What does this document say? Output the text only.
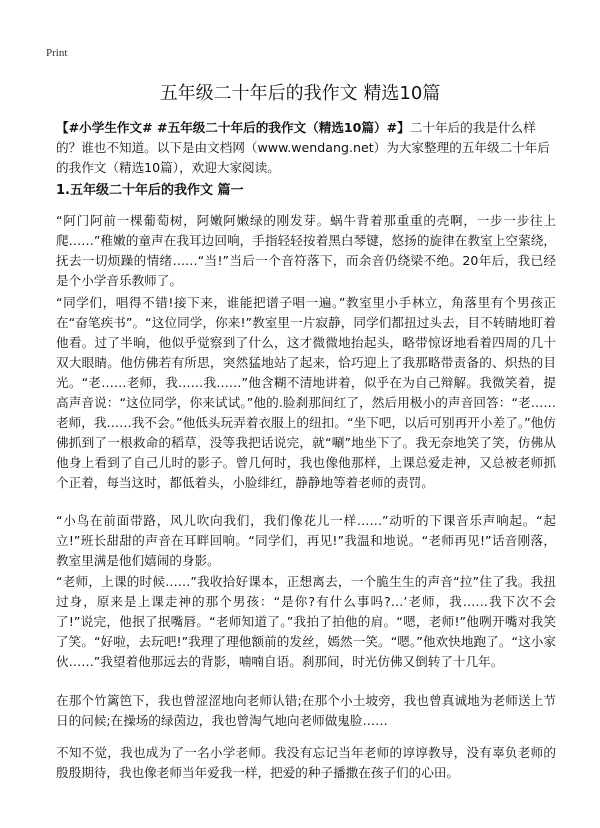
Print
五年级二十年后的我作文 精选10篇
【#小学生作文# #五年级二十年后的我作文（精选10篇）#】二十年后的我是什么样的？谁也不知道。以下是由文档网（www.wendang.net）为大家整理的五年级二十年后的我作文（精选10篇），欢迎大家阅读。
1.五年级二十年后的我作文 篇一
“阿门阿前一棵葡萄树，阿嫩阿嫩绿的刚发芽。蜗牛背着那重重的壳啊，一步一步往上爬……”稚嫩的童声在我耳边回响，手指轻轻按着黑白琴键，悠扬的旋律在教室上空萦绕，抚去一切烦躁的情绪……“当!”当后一个音符落下，而余音仍绕梁不绝。20年后，我已经是个小学音乐教师了。
“同学们，唱得不错!接下来，谁能把谱子唱一遍。”教室里小手林立，角落里有个男孩正在“奋笔疾书”。“这位同学，你来!”教室里一片寂静，同学们都扭过头去，目不转睛地盯着他看。过了半晌，他似乎觉察到了什么，这才微微地抬起头，略带惊讶地看着四周的几十双大眼睛。他仿佛若有所思，突然猛地站了起来，恰巧迎上了我那略带责备的、炽热的目光。“老……老师，我……我……”他含糊不清地讲着，似乎在为自己辩解。我微笑着，提高声音说：“这位同学，你来试试。”他的.脸刹那间红了，然后用极小的声音回答：“老……老师，我……我不会。”他低头玩弄着衣服上的纽扣。“坐下吧，以后可别再开小差了。”他仿佛抓到了一根救命的稻草，没等我把话说完，就“唰”地坐下了。我无奈地笑了笑，仿佛从他身上看到了自己儿时的影子。曾几何时，我也像他那样，上课总爱走神，又总被老师抓个正着，每当这时，都低着头，小脸绯红，静静地等着老师的责罚。
“小鸟在前面带路，风儿吹向我们，我们像花儿一样……”动听的下课音乐声响起。“起立!”班长甜甜的声音在耳畔回响。“同学们，再见!”我温和地说。“老师再见!”话音刚落，教室里满是他们嬉闹的身影。
“老师，上课的时候……”我收拾好课本，正想离去，一个脆生生的声音“拉”住了我。我扭过身，原来是上课走神的那个男孩：“是你?有什么事吗?…’老师，我……我下次不会了!”说完，他抿了抿嘴唇。“老师知道了。”我拍了拍他的肩。“嗯，老师!”他咧开嘴对我笑了笑。“好啦，去玩吧!”我理了理他额前的发丝，嫣然一笑。“嗯。”他欢快地跑了。“这小家伙……”我望着他那远去的背影，喃喃自语。刹那间，时光仿佛又倒转了十几年。
在那个竹篱笆下，我也曾涩涩地向老师认错;在那个小土坡旁，我也曾真诚地为老师送上节日的问候;在操场的绿茵边，我也曾淘气地向老师做鬼脸……
不知不觉，我也成为了一名小学老师。我没有忘记当年老师的谆谆教导，没有辜负老师的殷殷期待，我也像老师当年爱我一样，把爱的种子播撒在孩子们的心田。
